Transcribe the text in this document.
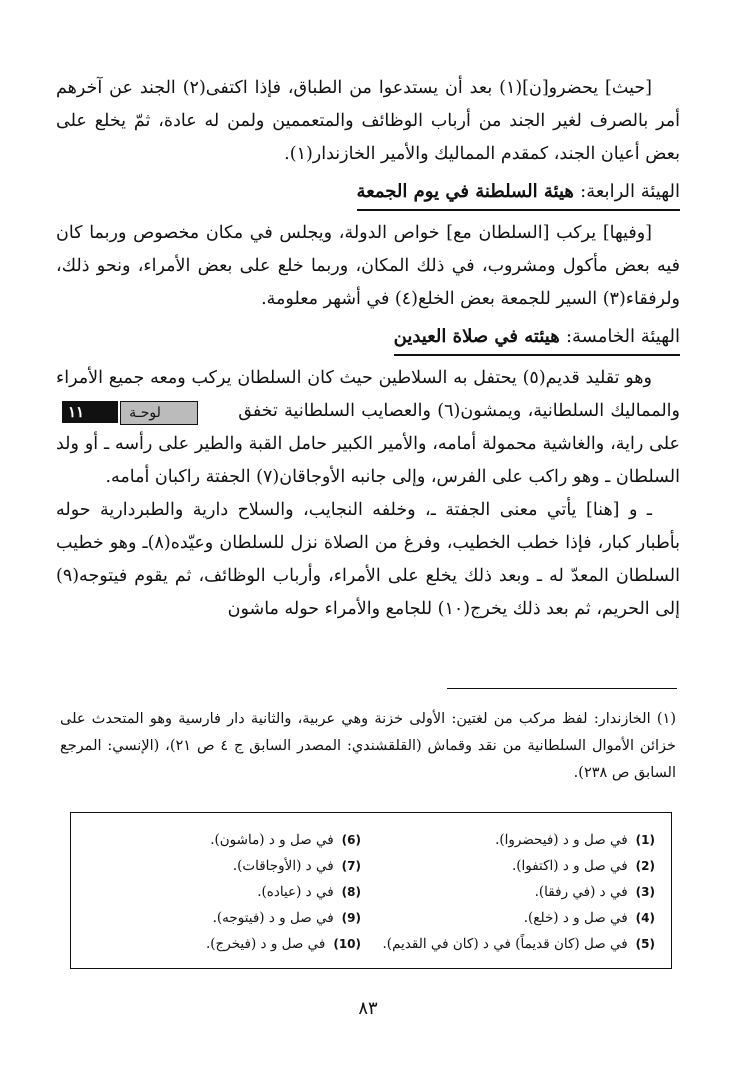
[حيث] يحضرو[ن](١) بعد أن يستدعوا من الطباق، فإذا اكتفى(٢) الجند عن آخرهم أمر بالصرف لغير الجند من أرباب الوظائف والمتعممين ولمن له عادة، ثمّ يخلع على بعض أعيان الجند، كمقدم المماليك والأمير الخازندار(١).

الهيئة الرابعة: هيئة السلطنة في يوم الجمعة

[وفيها] يركب [السلطان مع] خواص الدولة، ويجلس في مكان مخصوص وربما كان فيه بعض مأكول ومشروب، في ذلك المكان، وربما خلع على بعض الأمراء، ونحو ذلك، ولرفقاء(٣) السير للجمعة بعض الخلع(٤) في أشهر معلومة.

الهيئة الخامسة: هيئته في صلاة العيدين

وهو تقليد قديم(٥) يحتفل به السلاطين حيث كان السلطان يركب ومعه جميع الأمراء والمماليك السلطانية، ويمشون(٦) والعصايب السلطانية تخفق لوحـة١١ على راية، والغاشية محمولة أمامه، والأمير الكبير حامل القبة والطير على رأسه ـ أو ولد السلطان ـ وهو راكب على الفرس، وإلى جانبه الأوجاقان(٧) الجفتة راكبان أمامه.

ـ و [هنا] يأتي معنى الجفتة ـ، وخلفه النجايب، والسلاح دارية والطبردارية حوله بأطبار كبار، فإذا خطب الخطيب، وفرغ من الصلاة نزل للسلطان وعيّده(٨)ـ وهو خطيب السلطان المعدّ له ـ وبعد ذلك يخلع على الأمراء، وأرباب الوظائف، ثم يقوم فيتوجه(٩) إلى الحريم، ثم بعد ذلك يخرج(١٠) للجامع والأمراء حوله ماشون

(١) الخازندار: لفظ مركب من لغتين: الأولى خزنة وهي عربية، والثانية دار فارسية وهو المتحدث على خزائن الأموال السلطانية من نقد وقماش (القلقشندي: المصدر السابق ج ٤ ص ٢١)، (الإنسي: المرجع السابق ص ٢٣٨).
(1)في صل و د (فيحضروا).
(2)في صل و د (اكتفوا).
(3)في د (في رفقا).
(4)في صل و د (خلع).
(5)في صل (كان قديماً) في د (كان في القديم).
(6)في صل و د (ماشون).
(7)في د (الأوجاقات).
(8)في د (عياده).
(9)في صل و د (فيتوجه).
(10)في صل و د (فيخرج).
٨٣
